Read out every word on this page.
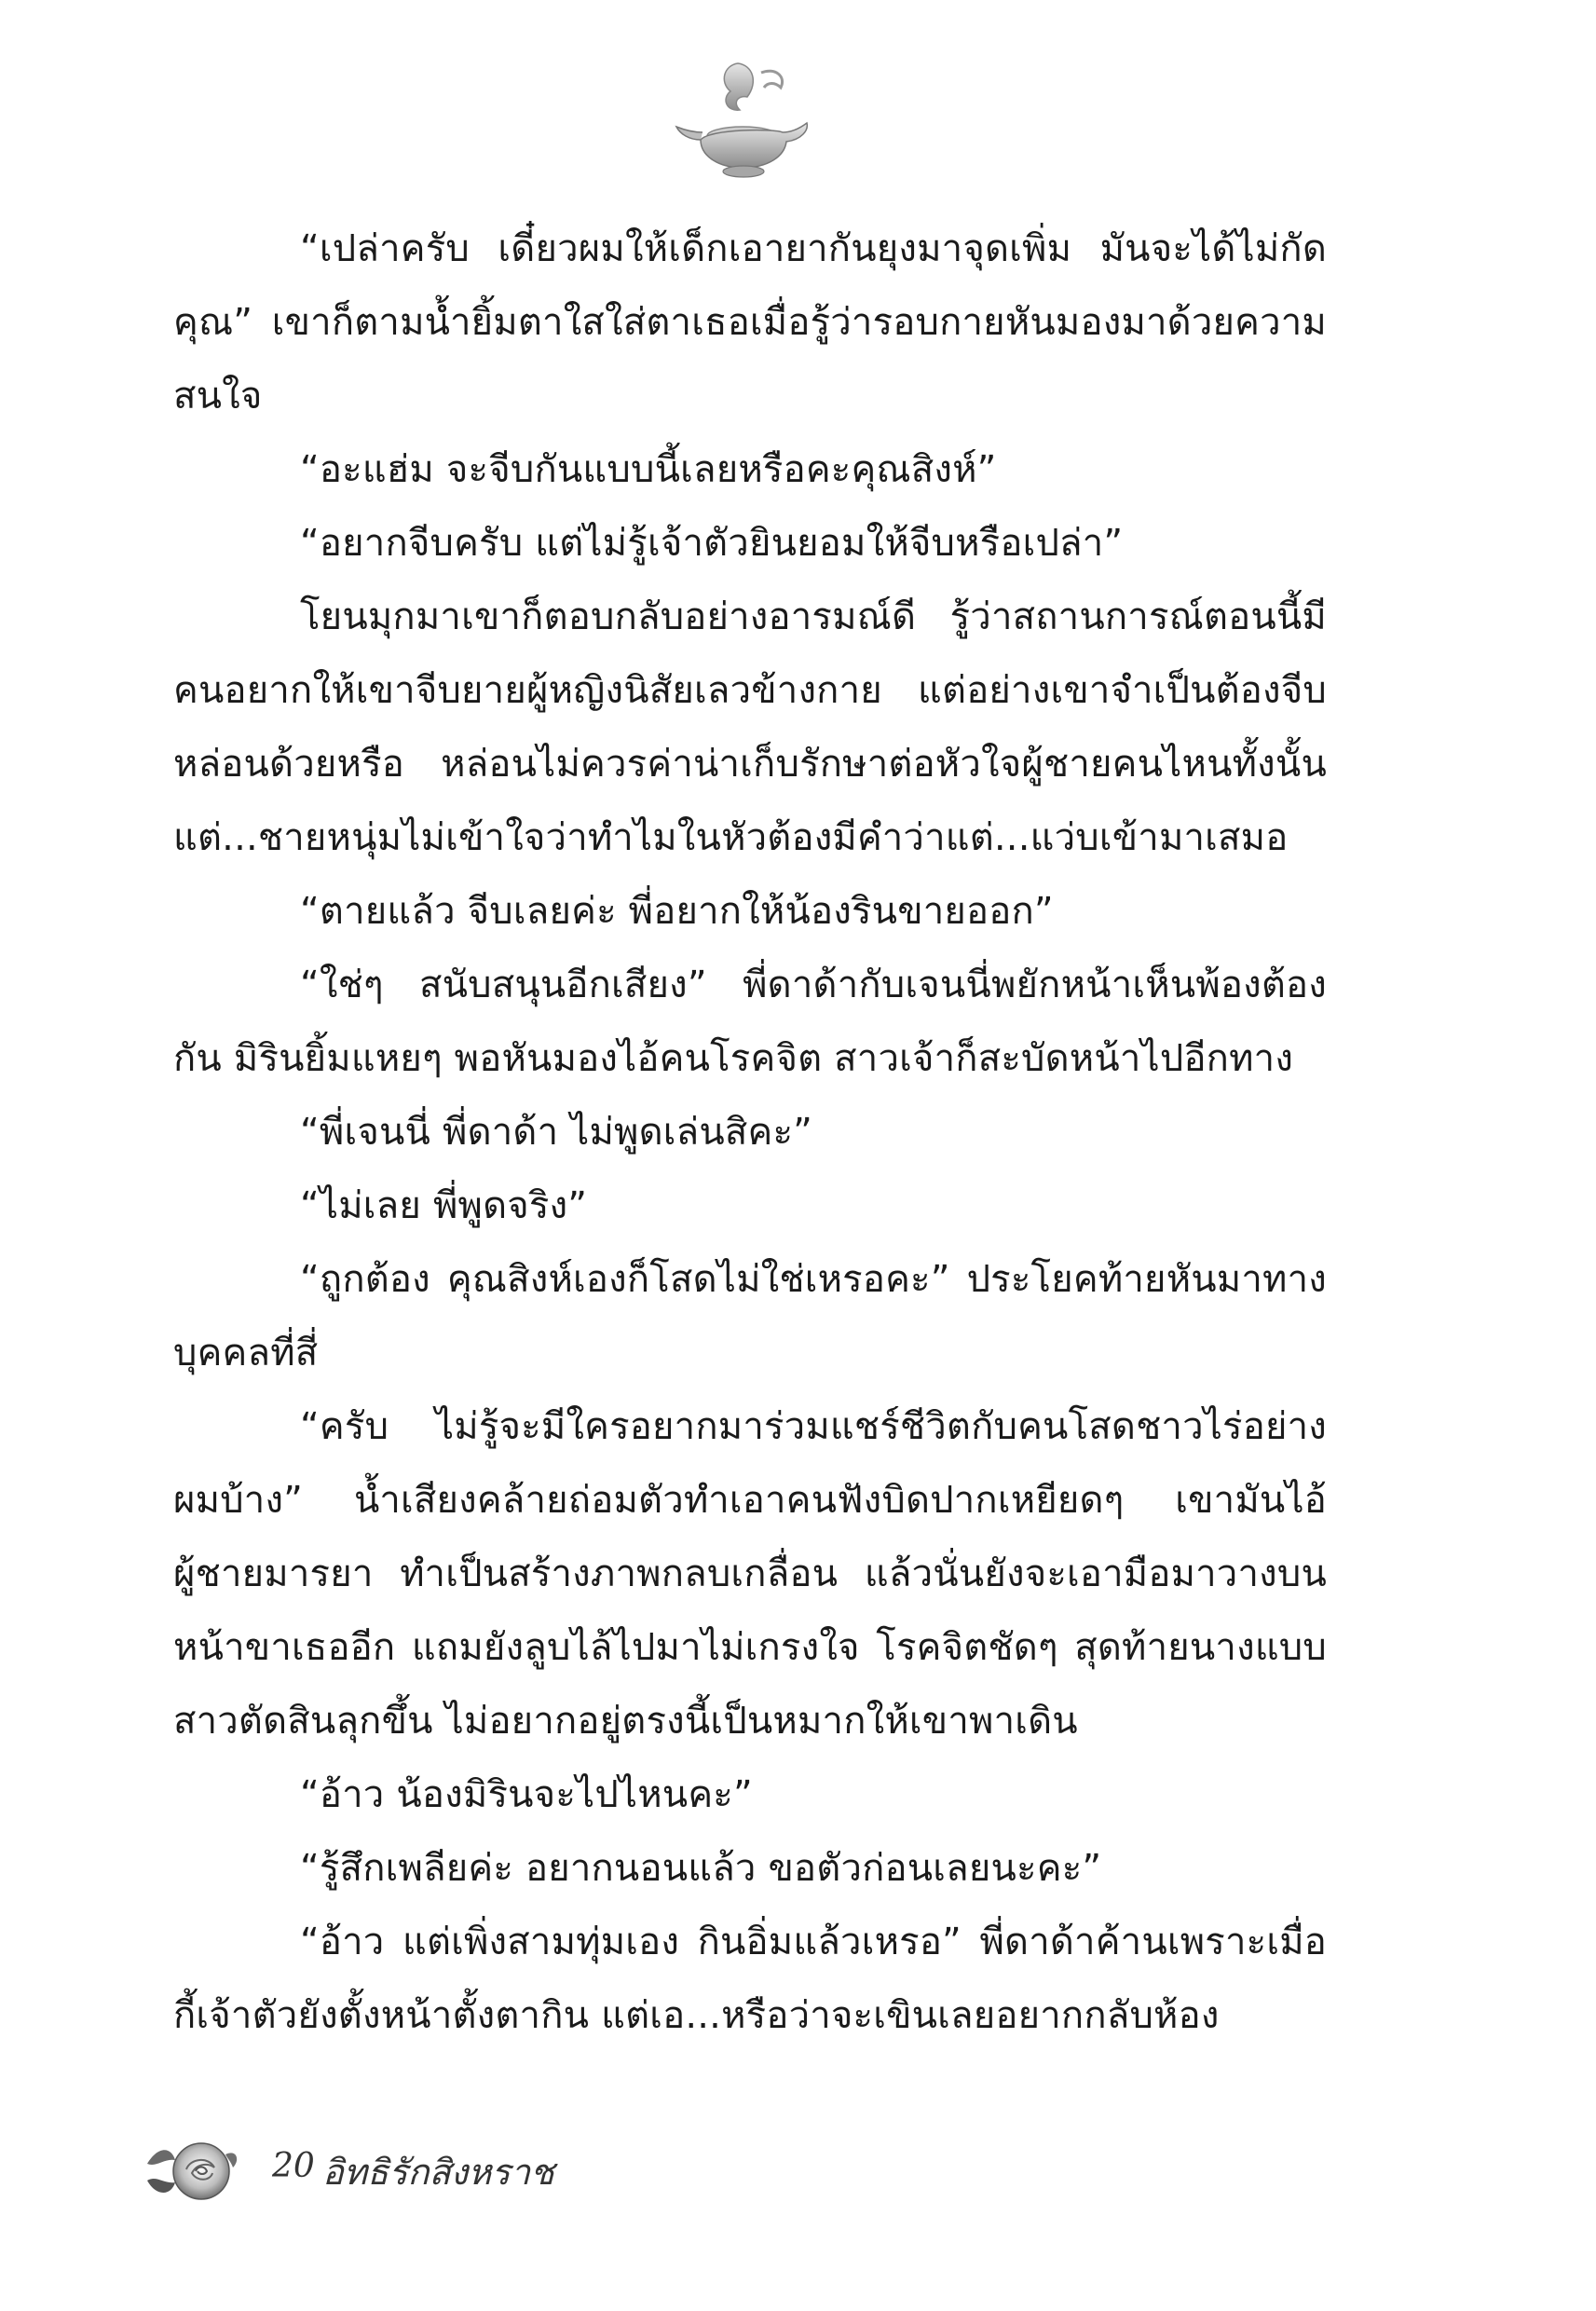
“เปล่าครับ เดี๋ยวผมให้เด็กเอายากันยุงมาจุดเพิ่ม มันจะได้ไม่กัดคุณ” เขาก็ตามน้ำยิ้มตาใสใส่ตาเธอเมื่อรู้ว่ารอบกายหันมองมาด้วยความสนใจ

“อะแฮ่ม จะจีบกันแบบนี้เลยหรือคะคุณสิงห์”

“อยากจีบครับ แต่ไม่รู้เจ้าตัวยินยอมให้จีบหรือเปล่า”

โยนมุกมาเขาก็ตอบกลับอย่างอารมณ์ดี รู้ว่าสถานการณ์ตอนนี้มีคนอยากให้เขาจีบยายผู้หญิงนิสัยเลวข้างกาย แต่อย่างเขาจำเป็นต้องจีบหล่อนด้วยหรือ หล่อนไม่ควรค่าน่าเก็บรักษาต่อหัวใจผู้ชายคนไหนทั้งนั้นแต่...ชายหนุ่มไม่เข้าใจว่าทำไมในหัวต้องมีคำว่าแต่...แว่บเข้ามาเสมอ

“ตายแล้ว จีบเลยค่ะ พี่อยากให้น้องรินขายออก”

“ใช่ๆ สนับสนุนอีกเสียง” พี่ดาด้ากับเจนนี่พยักหน้าเห็นพ้องต้องกัน มิรินยิ้มแหยๆ พอหันมองไอ้คนโรคจิต สาวเจ้าก็สะบัดหน้าไปอีกทาง

“พี่เจนนี่ พี่ดาด้า ไม่พูดเล่นสิคะ”

“ไม่เลย พี่พูดจริง”

“ถูกต้อง คุณสิงห์เองก็โสดไม่ใช่เหรอคะ” ประโยคท้ายหันมาทางบุคคลที่สี่

“ครับ ไม่รู้จะมีใครอยากมาร่วมแชร์ชีวิตกับคนโสดชาวไร่อย่างผมบ้าง” น้ำเสียงคล้ายถ่อมตัวทำเอาคนฟังบิดปากเหยียดๆ เขามันไอ้ผู้ชายมารยา ทำเป็นสร้างภาพกลบเกลื่อน แล้วนั่นยังจะเอามือมาวางบนหน้าขาเธออีก แถมยังลูบไล้ไปมาไม่เกรงใจ โรคจิตชัดๆ สุดท้ายนางแบบสาวตัดสินลุกขึ้น ไม่อยากอยู่ตรงนี้เป็นหมากให้เขาพาเดิน

“อ้าว น้องมิรินจะไปไหนคะ”

“รู้สึกเพลียค่ะ อยากนอนแล้ว ขอตัวก่อนเลยนะคะ”

“อ้าว แต่เพิ่งสามทุ่มเอง กินอิ่มแล้วเหรอ” พี่ดาด้าค้านเพราะเมื่อกี้เจ้าตัวยังตั้งหน้าตั้งตากิน แต่เอ...หรือว่าจะเขินเลยอยากกลับห้อง

20 อิทธิรักสิงหราช
